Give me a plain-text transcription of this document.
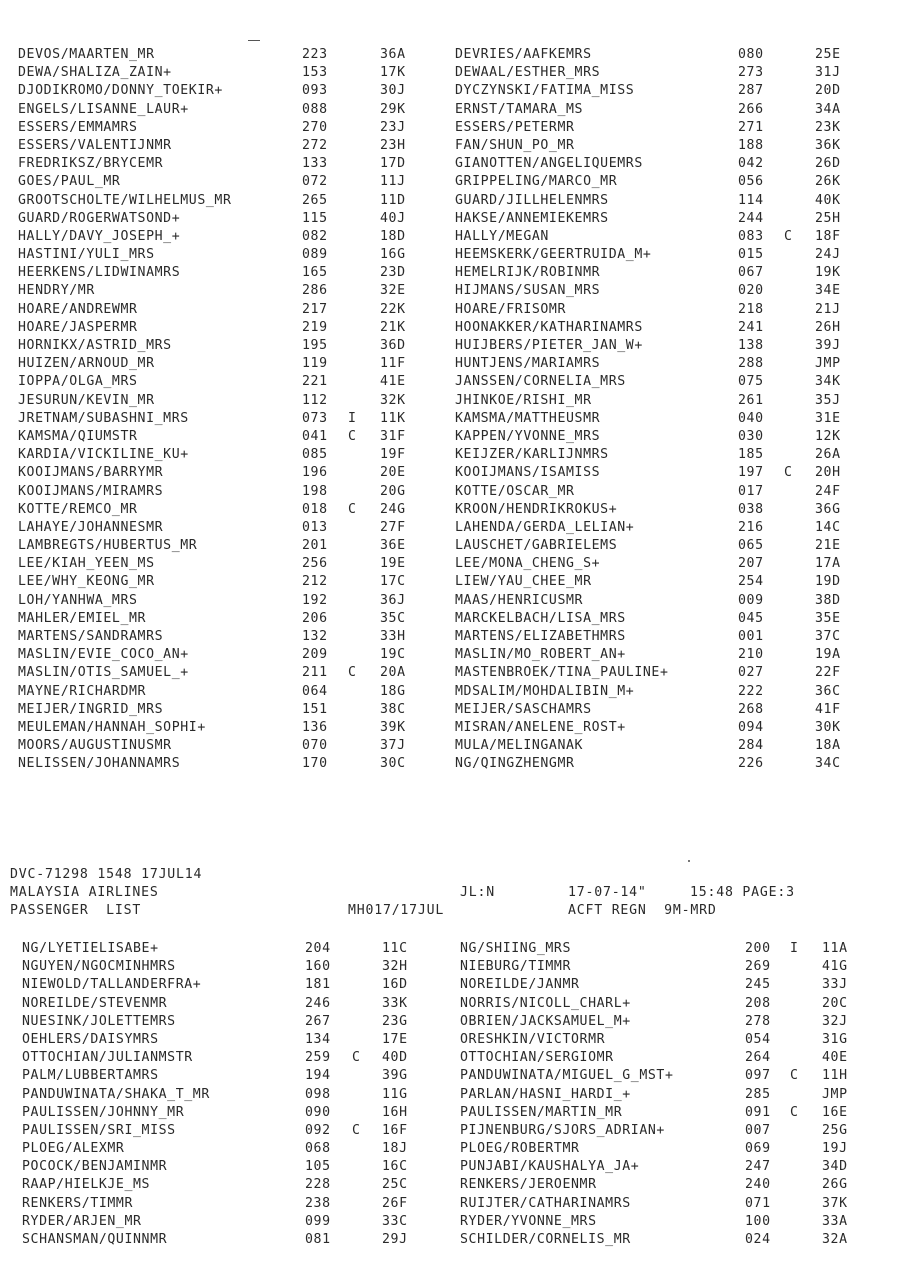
DEVOS/MAARTEN_MR	223	36A	DEVRIES/AAFKEMRS	080	25E
DEWA/SHALIZA_ZAIN+	153	17K	DEWAAL/ESTHER_MRS	273	31J
DJODIKROMO/DONNY_TOEKIR+	093	30J	DYCZYNSKI/FATIMA_MISS	287	20D
ENGELS/LISANNE_LAUR+	088	29K	ERNST/TAMARA_MS	266	34A
ESSERS/EMMAMRS	270	23J	ESSERS/PETERMR	271	23K
ESSERS/VALENTIJNMR	272	23H	FAN/SHUN_PO_MR	188	36K
FREDRIKSZ/BRYCEMR	133	17D	GIANOTTEN/ANGELIQUEMRS	042	26D
GOES/PAUL_MR	072	11J	GRIPPELING/MARCO_MR	056	26K
GROOTSCHOLTE/WILHELMUS_MR	265	11D	GUARD/JILLHELENMRS	114	40K
GUARD/ROGERWATSOND+	115	40J	HAKSE/ANNEMIEKEMRS	244	25H
HALLY/DAVY_JOSEPH_+	082	18D	HALLY/MEGAN	083 C 18F
HASTINI/YULI_MRS	089	16G	HEEMSKERK/GEERTRUIDA_M+	015	24J
HEERKENS/LIDWINAMRS	165	23D	HEMELRIJK/ROBINMR	067	19K
HENDRY/MR	286	32E	HIJMANS/SUSAN_MRS	020	34E
HOARE/ANDREWMR	217	22K	HOARE/FRISOMR	218	21J
HOARE/JASPERMR	219	21K	HOONAKKER/KATHARINAMRS	241	26H
HORNIKX/ASTRID_MRS	195	36D	HUIJBERS/PIETER_JAN_W+	138	39J
HUIZEN/ARNOUD_MR	119	11F	HUNTJENS/MARIAMRS	288	JMP
IOPPA/OLGA_MRS	221	41E	JANSSEN/CORNELIA_MRS	075	34K
JESURUN/KEVIN_MR	112	32K	JHINKOE/RISHI_MR	261	35J
JRETNAM/SUBASHNI_MRS	073 I 11K	KAMSMA/MATTHEUSMR	040	31E
KAMSMA/QIUMSTR	041 C 31F	KAPPEN/YVONNE_MRS	030	12K
KARDIA/VICKILINE_KU+	085	19F	KEIJZER/KARLIJNMRS	185	26A
KOOIJMANS/BARRYMR	196	20E	KOOIJMANS/ISAMISS	197 C 20H
KOOIJMANS/MIRAMRS	198	20G	KOTTE/OSCAR_MR	017	24F
KOTTE/REMCO_MR	018 C 24G	KROON/HENDRIKROKUS+	038	36G
LAHAYE/JOHANNESMR	013	27F	LAHENDA/GERDA_LELIAN+	216	14C
LAMBREGTS/HUBERTUS_MR	201	36E	LAUSCHET/GABRIELEMS	065	21E
LEE/KIAH_YEEN_MS	256	19E	LEE/MONA_CHENG_S+	207	17A
LEE/WHY_KEONG_MR	212	17C	LIEW/YAU_CHEE_MR	254	19D
LOH/YANHWA_MRS	192	36J	MAAS/HENRICUSMR	009	38D
MAHLER/EMIEL_MR	206	35C	MARCKELBACH/LISA_MRS	045	35E
MARTENS/SANDRAMRS	132	33H	MARTENS/ELIZABETHMRS	001	37C
MASLIN/EVIE_COCO_AN+	209	19C	MASLIN/MO_ROBERT_AN+	210	19A
MASLIN/OTIS_SAMUEL_+	211 C 20A	MASTENBROEK/TINA_PAULINE+	027	22F
MAYNE/RICHARDMR	064	18G	MDSALIM/MOHDALIBIN_M+	222	36C
MEIJER/INGRID_MRS	151	38C	MEIJER/SASCHAMRS	268	41F
MEULEMAN/HANNAH_SOPHI+	136	39K	MISRAN/ANELENE_ROST+	094	30K
MOORS/AUGUSTINUSMR	070	37J	MULA/MELINGANAK	284	18A
NELISSEN/JOHANNAMRS	170	30C	NG/QINGZHENGMR	226	34C
DVC-71298 1548 17JUL14
MALAYSIA AIRLINES	JL:N	17-07-14"	15:48 PAGE:3
PASSENGER  LIST	MH017/17JUL	ACFT REGN  9M-MRD
NG/LYETIELISABE+	204	11C	NG/SHIING_MRS	200 I 11A
NGUYEN/NGOCMINHMRS	160	32H	NIEBURG/TIMMR	269	41G
NIEWOLD/TALLANDERFRA+	181	16D	NOREILDE/JANMR	245	33J
NOREILDE/STEVENMR	246	33K	NORRIS/NICOLL_CHARL+	208	20C
NUESINK/JOLETTEMRS	267	23G	OBRIEN/JACKSAMUEL_M+	278	32J
OEHLERS/DAISYMRS	134	17E	ORESHKIN/VICTORMR	054	31G
OTTOCHIAN/JULIANMSTR	259 C 40D	OTTOCHIAN/SERGIOMR	264	40E
PALM/LUBBERTAMRS	194	39G	PANDUWINATA/MIGUEL_G_MST+	097 C 11H
PANDUWINATA/SHAKA_T_MR	098	11G	PARLAN/HASNI_HARDI_+	285	JMP
PAULISSEN/JOHNNY_MR	090	16H	PAULISSEN/MARTIN_MR	091 C 16E
PAULISSEN/SRI_MISS	092 C 16F	PIJNENBURG/SJORS_ADRIAN+	007	25G
PLOEG/ALEXMR	068	18J	PLOEG/ROBERTMR	069	19J
POCOCK/BENJAMINMR	105	16C	PUNJABI/KAUSHALYA_JA+	247	34D
RAAP/HIELKJE_MS	228	25C	RENKERS/JEROENMR	240	26G
RENKERS/TIMMR	238	26F	RUIJTER/CATHARINAMRS	071	37K
RYDER/ARJEN_MR	099	33C	RYDER/YVONNE_MRS	100	33A
SCHANSMAN/QUINNMR	081	29J	SCHILDER/CORNELIS_MR	024	32A
